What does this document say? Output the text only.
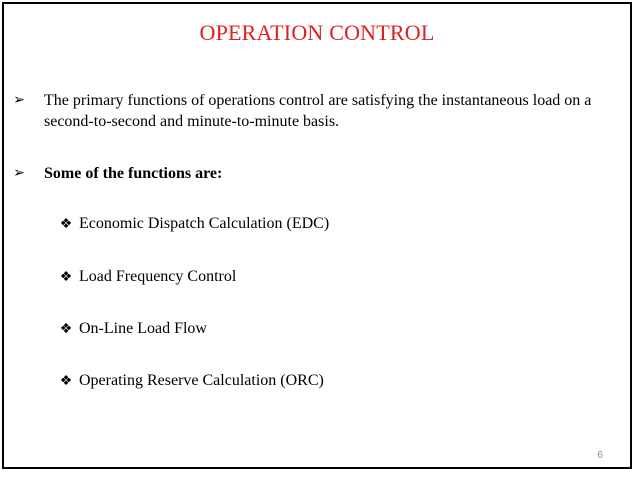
OPERATION CONTROL
➢ The primary functions of operations control are satisfying the instantaneous load on a second-to-second and minute-to-minute basis.
➢ Some of the functions are:
❖ Economic Dispatch Calculation (EDC)
❖ Load Frequency Control
❖ On-Line Load Flow
❖ Operating Reserve Calculation (ORC)
6
